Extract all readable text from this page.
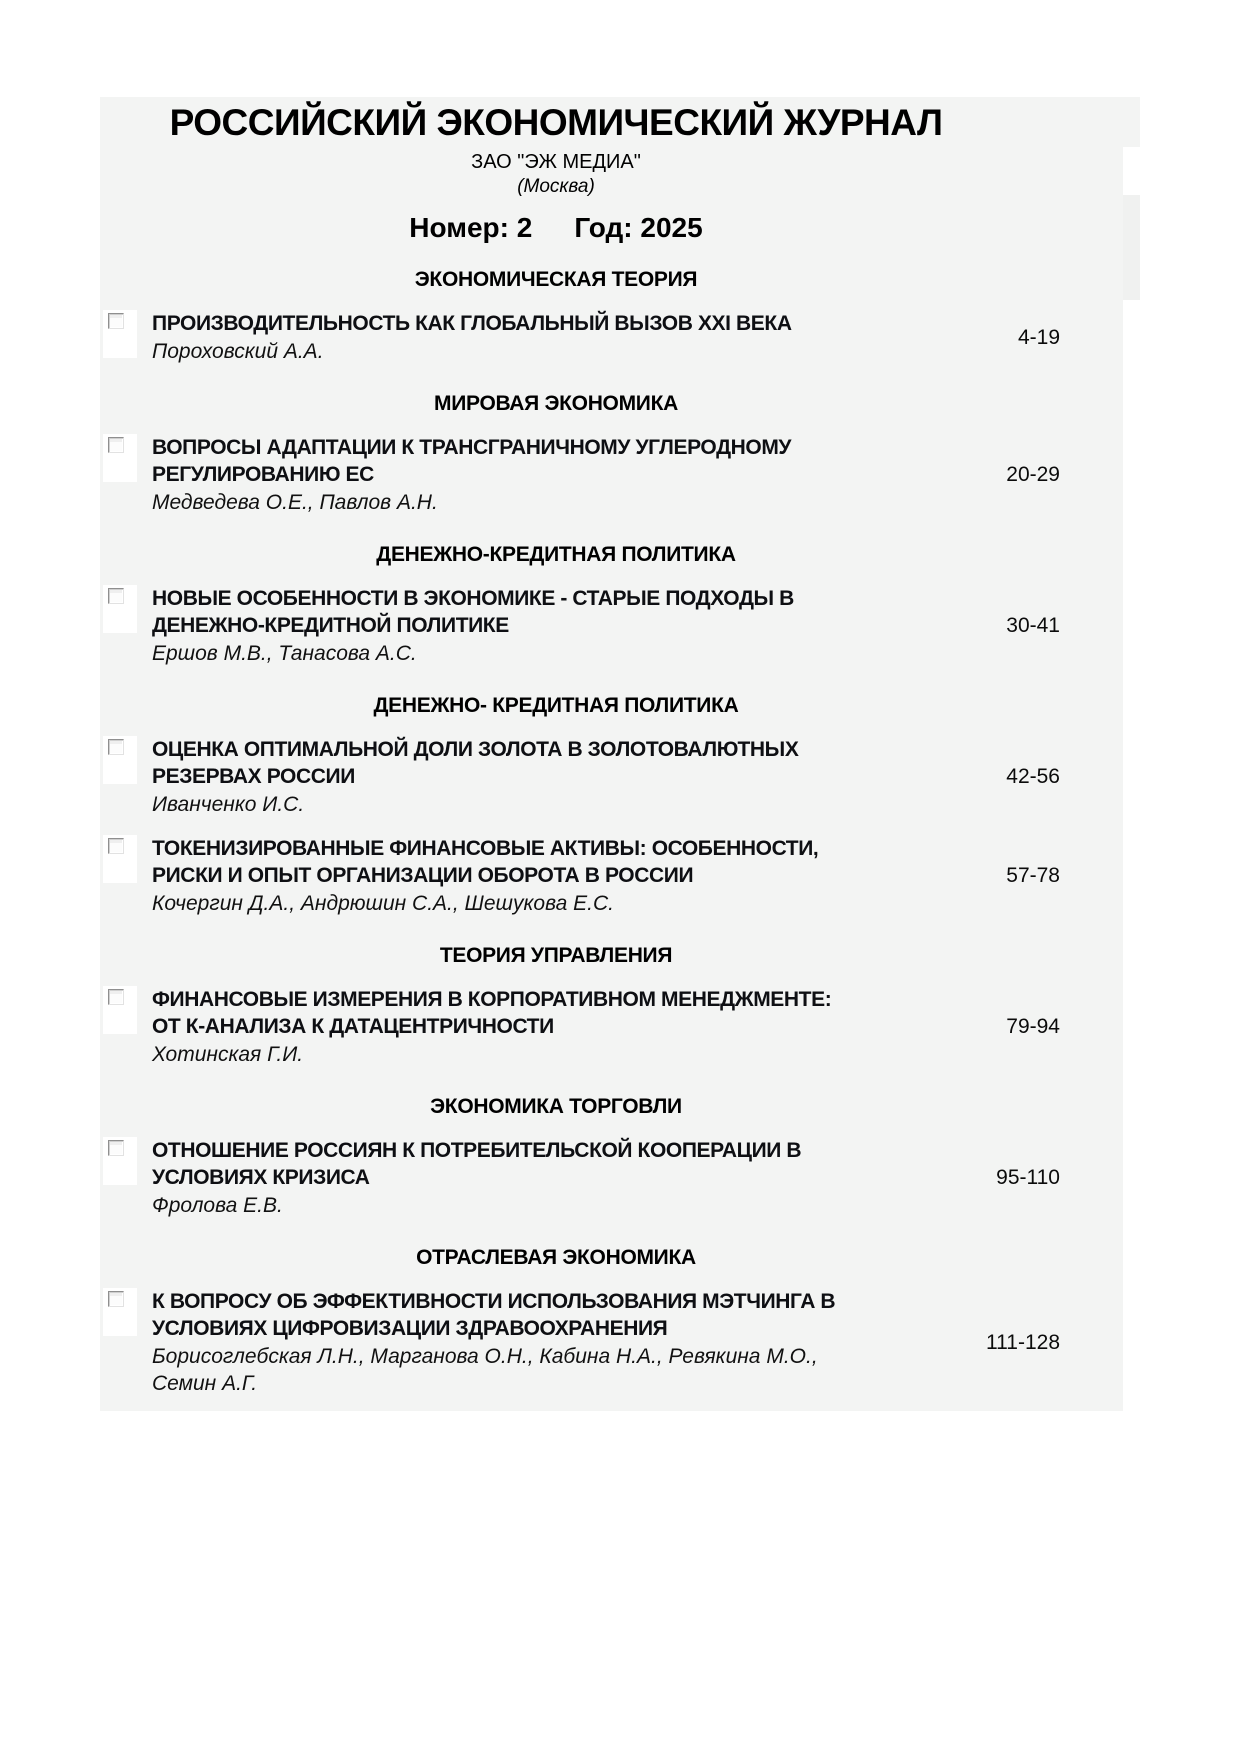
РОССИЙСКИЙ ЭКОНОМИЧЕСКИЙ ЖУРНАЛ
ЗАО "ЭЖ МЕДИА"
(Москва)
Номер: 2 Год: 2025
ЭКОНОМИЧЕСКАЯ ТЕОРИЯ
ПРОИЗВОДИТЕЛЬНОСТЬ КАК ГЛОБАЛЬНЫЙ ВЫЗОВ XXI ВЕКА
Пороховский А.А.
4-19
МИРОВАЯ ЭКОНОМИКА
ВОПРОСЫ АДАПТАЦИИ К ТРАНСГРАНИЧНОМУ УГЛЕРОДНОМУ РЕГУЛИРОВАНИЮ ЕС
Медведева О.Е., Павлов А.Н.
20-29
ДЕНЕЖНО-КРЕДИТНАЯ ПОЛИТИКА
НОВЫЕ ОСОБЕННОСТИ В ЭКОНОМИКЕ - СТАРЫЕ ПОДХОДЫ В ДЕНЕЖНО-КРЕДИТНОЙ ПОЛИТИКЕ
Ершов М.В., Танасова А.С.
30-41
ДЕНЕЖНО- КРЕДИТНАЯ ПОЛИТИКА
ОЦЕНКА ОПТИМАЛЬНОЙ ДОЛИ ЗОЛОТА В ЗОЛОТОВАЛЮТНЫХ РЕЗЕРВАХ РОССИИ
Иванченко И.С.
42-56
ТОКЕНИЗИРОВАННЫЕ ФИНАНСОВЫЕ АКТИВЫ: ОСОБЕННОСТИ, РИСКИ И ОПЫТ ОРГАНИЗАЦИИ ОБОРОТА В РОССИИ
Кочергин Д.А., Андрюшин С.А., Шешукова Е.С.
57-78
ТЕОРИЯ УПРАВЛЕНИЯ
ФИНАНСОВЫЕ ИЗМЕРЕНИЯ В КОРПОРАТИВНОМ МЕНЕДЖМЕНТЕ: ОТ К-АНАЛИЗА К ДАТАЦЕНТРИЧНОСТИ
Хотинская Г.И.
79-94
ЭКОНОМИКА ТОРГОВЛИ
ОТНОШЕНИЕ РОССИЯН К ПОТРЕБИТЕЛЬСКОЙ КООПЕРАЦИИ В УСЛОВИЯХ КРИЗИСА
Фролова Е.В.
95-110
ОТРАСЛЕВАЯ ЭКОНОМИКА
К ВОПРОСУ ОБ ЭФФЕКТИВНОСТИ ИСПОЛЬЗОВАНИЯ МЭТЧИНГА В УСЛОВИЯХ ЦИФРОВИЗАЦИИ ЗДРАВООХРАНЕНИЯ
Борисоглебская Л.Н., Марганова О.Н., Кабина Н.А., Ревякина М.О., Семин А.Г.
111-128
